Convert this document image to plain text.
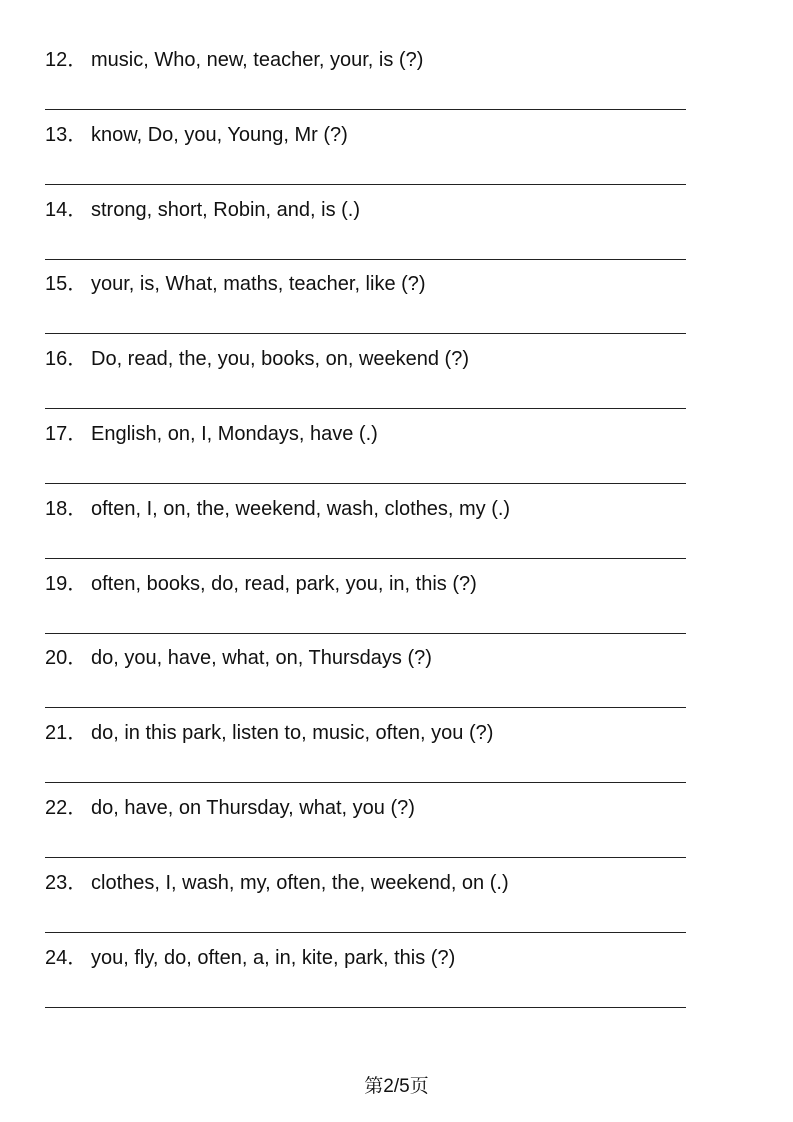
12． music, Who, new, teacher, your, is (?)
13． know, Do, you, Young, Mr (?)
14． strong, short, Robin, and, is (.)
15． your, is, What, maths, teacher, like (?)
16． Do, read, the, you, books, on, weekend (?)
17． English, on, I, Mondays, have (.)
18． often, I, on, the, weekend, wash, clothes, my (.)
19． often, books, do, read, park, you, in, this (?)
20． do, you, have, what, on, Thursdays (?)
21． do, in this park, listen to, music, often, you (?)
22． do, have, on Thursday, what, you (?)
23． clothes, I, wash, my, often, the, weekend, on (.)
24． you, fly, do, often, a, in, kite, park, this (?)
第2/5页
